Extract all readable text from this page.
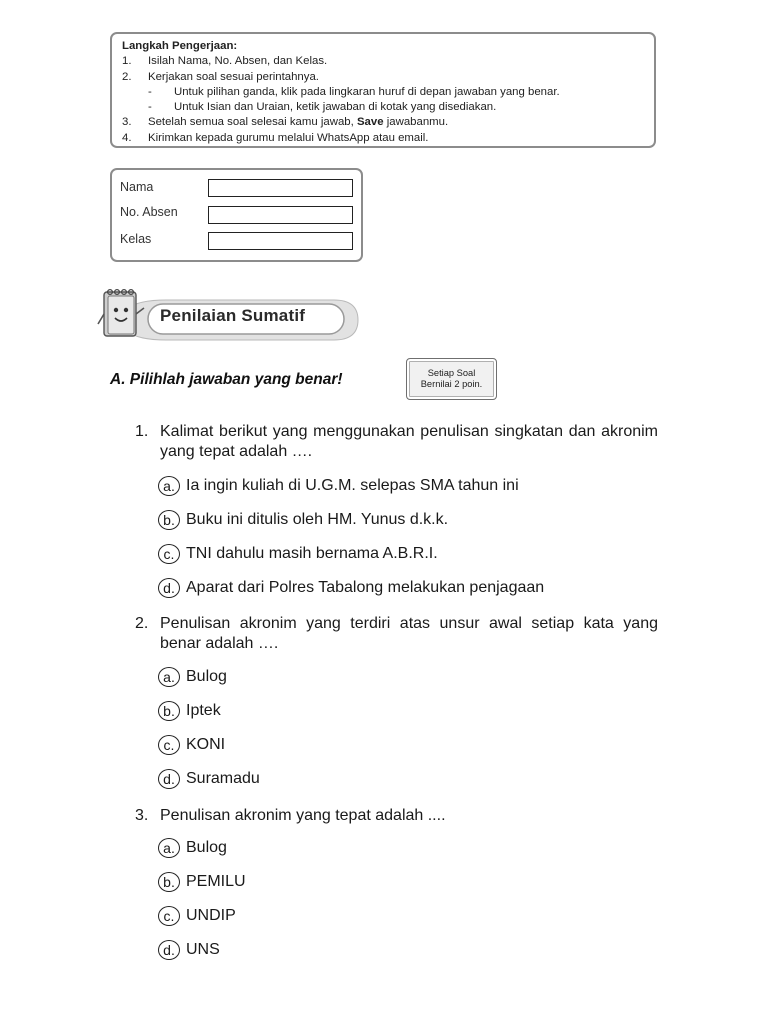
Langkah Pengerjaan:
1.	Isilah Nama, No. Absen, dan Kelas.
2.	Kerjakan soal sesuai perintahnya.
-	Untuk pilihan ganda, klik pada lingkaran huruf di depan jawaban yang benar.
-	Untuk Isian dan Uraian, ketik jawaban di kotak yang disediakan.
3.	Setelah semua soal selesai kamu jawab, Save jawabanmu.
4.	Kirimkan kepada gurumu melalui WhatsApp atau email.
Nama
No. Absen
Kelas
Penilaian Sumatif
A. Pilihlah jawaban yang benar!	Setiap Soal
Bernilai 2 poin.
1. Kalimat berikut yang menggunakan penulisan singkatan dan akronim yang tepat adalah ….
a. Ia ingin kuliah di U.G.M. selepas SMA tahun ini
b. Buku ini ditulis oleh HM. Yunus d.k.k.
c. TNI dahulu masih bernama A.B.R.I.
d. Aparat dari Polres Tabalong melakukan penjagaan
2. Penulisan akronim yang terdiri atas unsur awal setiap kata yang benar adalah ….
a. Bulog
b. Iptek
c. KONI
d. Suramadu
3. Penulisan akronim yang tepat adalah ....
a. Bulog
b. PEMILU
c. UNDIP
d. UNS
